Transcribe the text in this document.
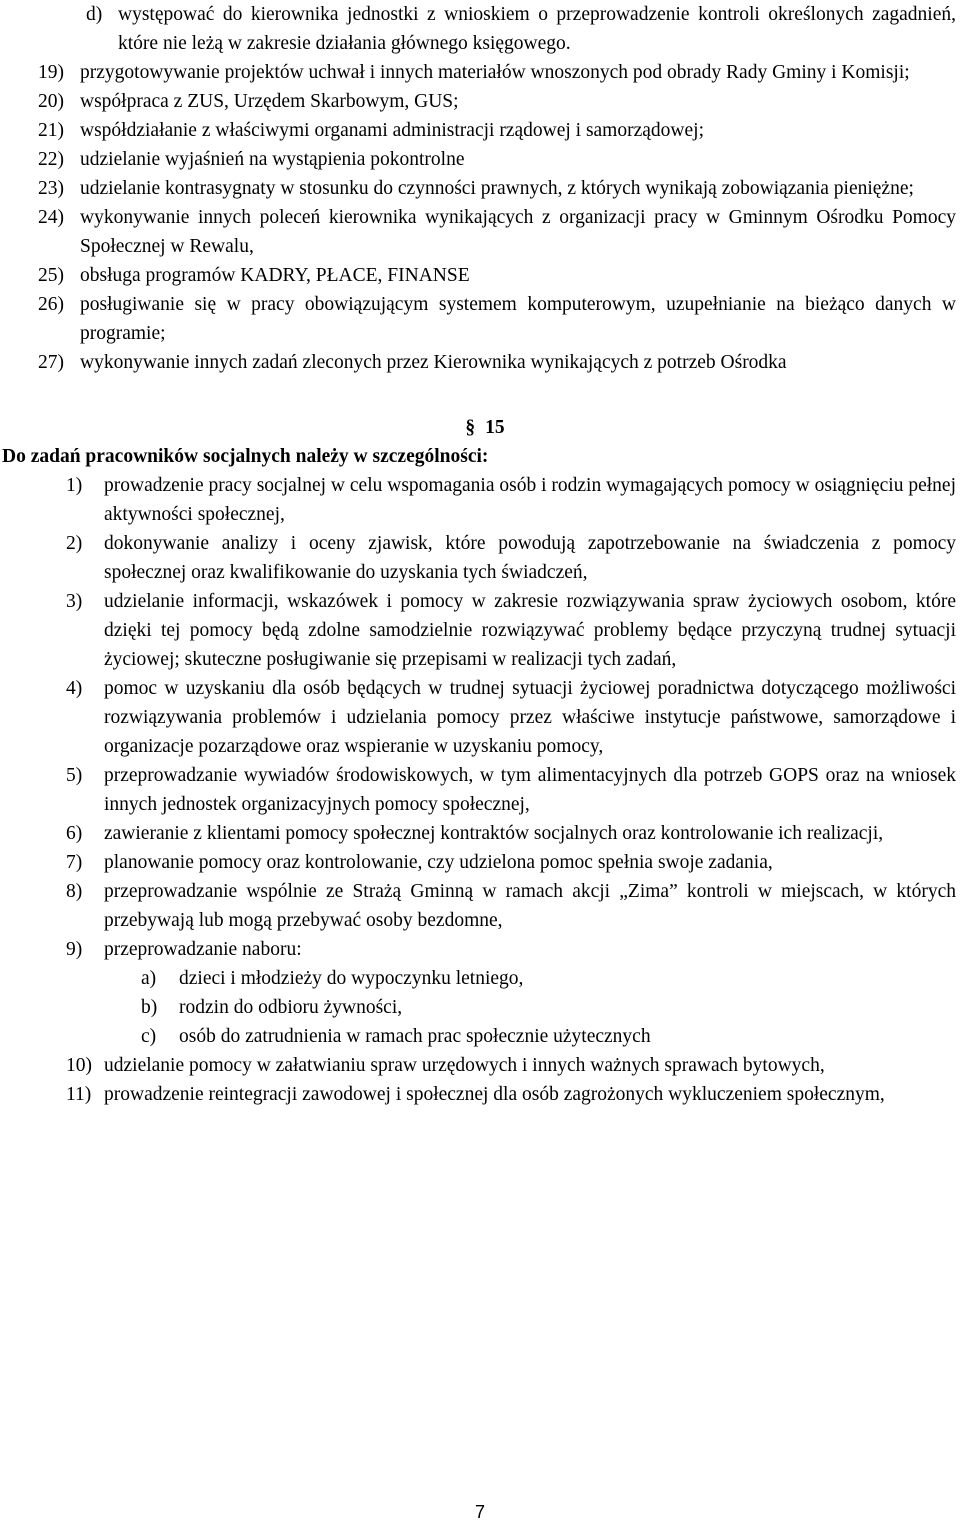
d) występować do kierownika jednostki z wnioskiem o przeprowadzenie kontroli określonych zagadnień, które nie leżą w zakresie działania głównego księgowego.

19) przygotowywanie projektów uchwał i innych materiałów wnoszonych pod obrady Rady Gminy i Komisji;

20) współpraca z ZUS, Urzędem Skarbowym, GUS;

21) współdziałanie z właściwymi organami administracji rządowej i samorządowej;

22) udzielanie wyjaśnień na wystąpienia pokontrolne

23) udzielanie kontrasygnaty w stosunku do czynności prawnych, z których wynikają zobowiązania pieniężne;

24) wykonywanie innych poleceń kierownika wynikających z organizacji pracy w Gminnym Ośrodku Pomocy Społecznej w Rewalu,

25) obsługa programów KADRY, PŁACE, FINANSE

26) posługiwanie się w pracy obowiązującym systemem komputerowym, uzupełnianie na bieżąco danych w programie;

27) wykonywanie innych zadań zleconych przez Kierownika wynikających z potrzeb Ośrodka

§ 15

Do zadań pracowników socjalnych należy w szczególności:

1) prowadzenie pracy socjalnej w celu wspomagania osób i rodzin wymagających pomocy w osiągnięciu pełnej aktywności społecznej,

2) dokonywanie analizy i oceny zjawisk, które powodują zapotrzebowanie na świadczenia z pomocy społecznej oraz kwalifikowanie do uzyskania tych świadczeń,

3) udzielanie informacji, wskazówek i pomocy w zakresie rozwiązywania spraw życiowych osobom, które dzięki tej pomocy będą zdolne samodzielnie rozwiązywać problemy będące przyczyną trudnej sytuacji życiowej; skuteczne posługiwanie się przepisami w realizacji tych zadań,

4) pomoc w uzyskaniu dla osób będących w trudnej sytuacji życiowej poradnictwa dotyczącego możliwości rozwiązywania problemów i udzielania pomocy przez właściwe instytucje państwowe, samorządowe i organizacje pozarządowe oraz wspieranie w uzyskaniu pomocy,

5) przeprowadzanie wywiadów środowiskowych, w tym alimentacyjnych dla potrzeb GOPS oraz na wniosek innych jednostek organizacyjnych pomocy społecznej,

6) zawieranie z klientami pomocy społecznej kontraktów socjalnych oraz kontrolowanie ich realizacji,

7) planowanie pomocy oraz kontrolowanie, czy udzielona pomoc spełnia swoje zadania,

8) przeprowadzanie wspólnie ze Strażą Gminną w ramach akcji „Zima” kontroli w miejscach, w których przebywają lub mogą przebywać osoby bezdomne,

9) przeprowadzanie naboru:

a) dzieci i młodzieży do wypoczynku letniego,

b) rodzin do odbioru żywności,

c) osób do zatrudnienia w ramach prac społecznie użytecznych

10) udzielanie pomocy w załatwianiu spraw urzędowych i innych ważnych sprawach bytowych,

11) prowadzenie reintegracji zawodowej i społecznej dla osób zagrożonych wykluczeniem społecznym,

7
